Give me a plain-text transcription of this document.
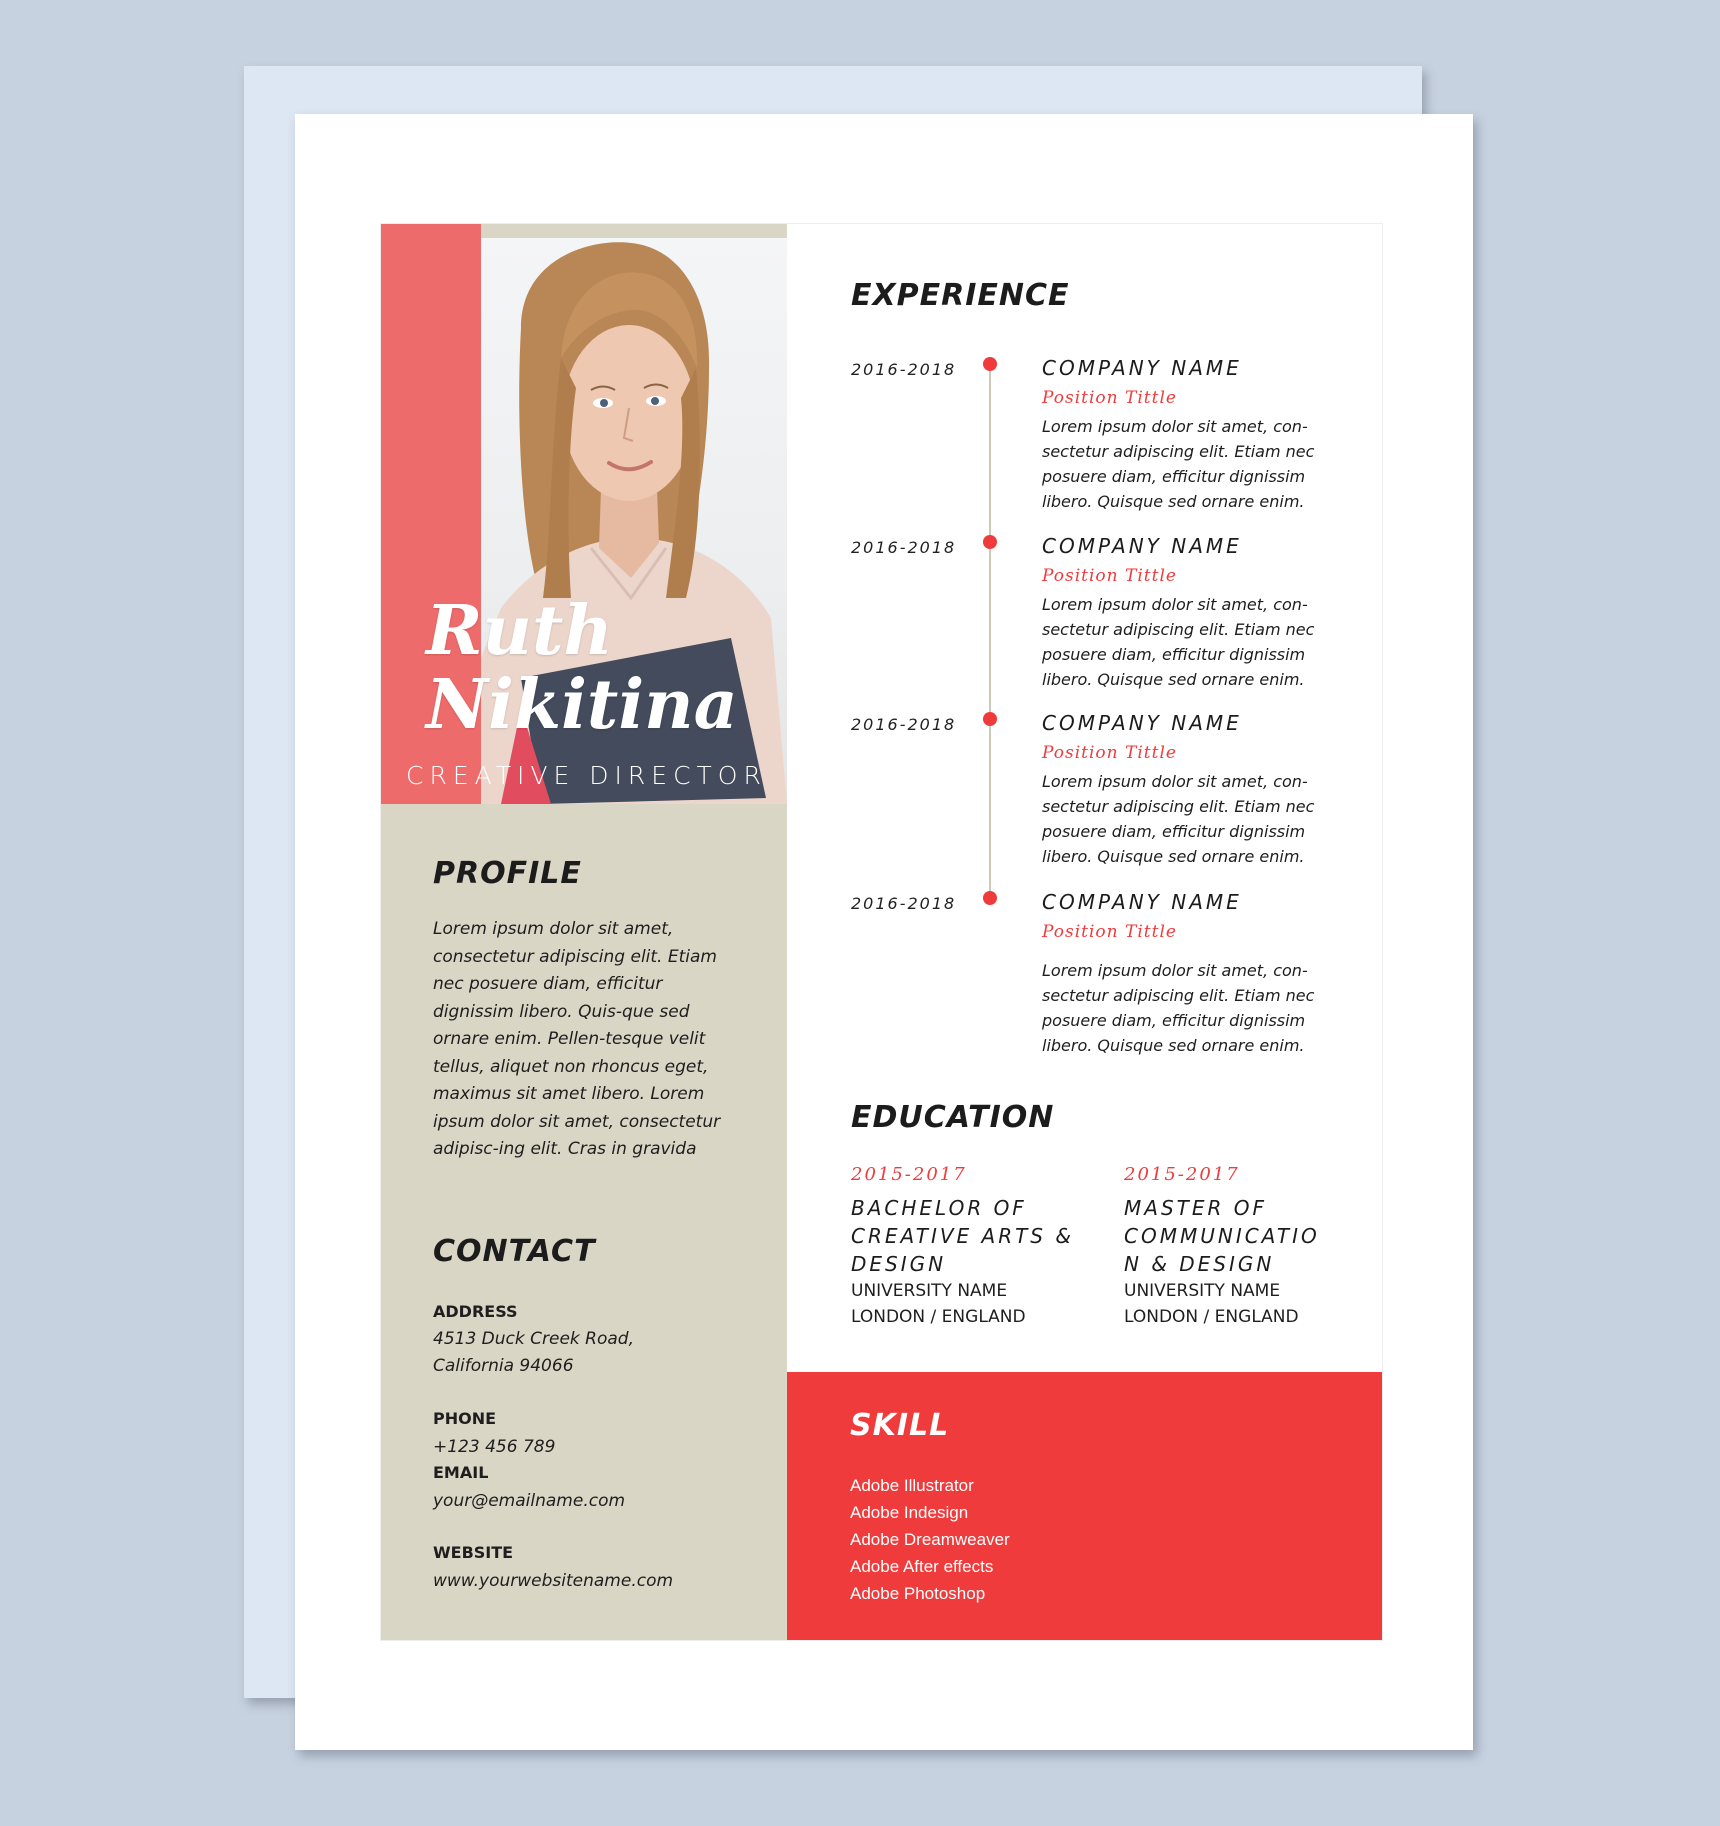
Ruth
Nikitina
CREATIVE DIRECTOR
PROFILE
Lorem ipsum dolor sit amet, consectetur adipiscing elit. Etiam nec posuere diam, efficitur dignissim libero. Quis-que sed ornare enim. Pellen-tesque velit tellus, aliquet non rhoncus eget, maximus sit amet libero. Lorem ipsum dolor sit amet, consectetur adipisc-ing elit. Cras in gravida
CONTACT
ADDRESS
4513 Duck Creek Road,
California 94066
PHONE
+123 456 789
EMAIL
your@emailname.com
WEBSITE
www.yourwebsitename.com
EXPERIENCE
2016-2018	COMPANY NAME
Position Tittle
Lorem ipsum dolor sit amet, con-sectetur adipiscing elit. Etiam nec posuere diam, efficitur dignissim libero. Quisque sed ornare enim.
2016-2018	COMPANY NAME
Position Tittle
Lorem ipsum dolor sit amet, con-sectetur adipiscing elit. Etiam nec posuere diam, efficitur dignissim libero. Quisque sed ornare enim.
2016-2018	COMPANY NAME
Position Tittle
Lorem ipsum dolor sit amet, con-sectetur adipiscing elit. Etiam nec posuere diam, efficitur dignissim libero. Quisque sed ornare enim.
2016-2018	COMPANY NAME
Position Tittle
Lorem ipsum dolor sit amet, con-sectetur adipiscing elit. Etiam nec posuere diam, efficitur dignissim libero. Quisque sed ornare enim.
EDUCATION
2015-2017
BACHELOR OF CREATIVE ARTS & DESIGN
UNIVERSITY NAME
LONDON / ENGLAND
2015-2017
MASTER OF COMMUNICATIO N & DESIGN
UNIVERSITY NAME
LONDON / ENGLAND
SKILL
Adobe Illustrator
Adobe Indesign
Adobe Dreamweaver
Adobe After effects
Adobe Photoshop
